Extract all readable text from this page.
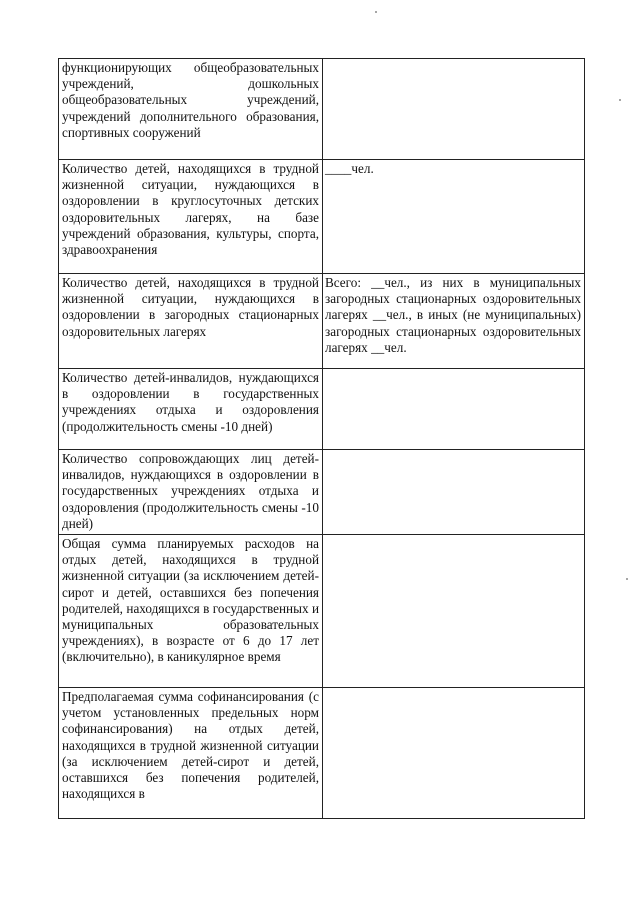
функционирующих общеобразовательных учреждений, дошкольных общеобразовательных учреждений, учреждений дополнительного образования, спортивных сооружений	
Количество детей, находящихся в трудной жизненной ситуации, нуждающихся в оздоровлении в круглосуточных детских оздоровительных лагерях, на базе учреждений образования, культуры, спорта, здравоохранения	____чел.
Количество детей, находящихся в трудной жизненной ситуации, нуждающихся в оздоровлении в загородных стационарных оздоровительных лагерях	Всего: __чел., из них в муниципальных загородных стационарных оздоровительных лагерях __чел., в иных (не муниципальных) загородных стационарных оздоровительных лагерях __чел.
Количество детей-инвалидов, нуждающихся в оздоровлении в государственных учреждениях отдыха и оздоровления (продолжительность смены -10 дней)	
Количество сопровождающих лиц детей-инвалидов, нуждающихся в оздоровлении в государственных учреждениях отдыха и оздоровления (продолжительность смены -10 дней)	
Общая сумма планируемых расходов на отдых детей, находящихся в трудной жизненной ситуации (за исключением детей-сирот и детей, оставшихся без попечения родителей, находящихся в государственных и муниципальных образовательных учреждениях), в возрасте от 6 до 17 лет (включительно), в каникулярное время	
Предполагаемая сумма софинансирования (с учетом установленных предельных норм софинансирования) на отдых детей, находящихся в трудной жизненной ситуации (за исключением детей-сирот и детей, оставшихся без попечения родителей, находящихся в	
